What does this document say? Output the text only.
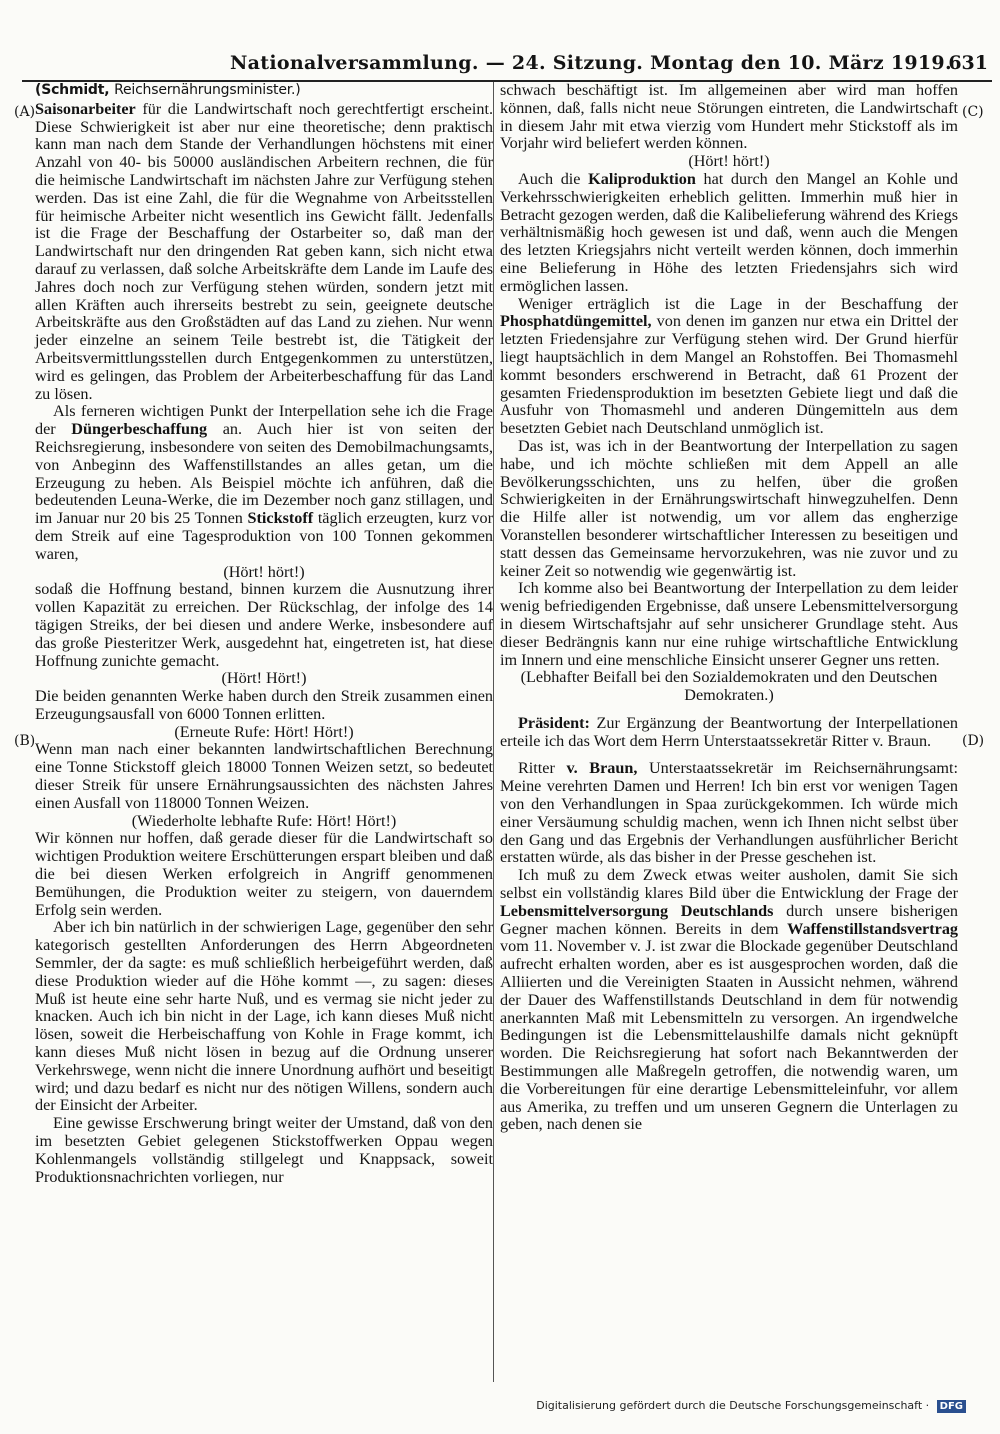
Nationalversammlung. — 24. Sitzung. Montag den 10. März 1919.
631
(A)
(B)
(C)
(D)

(Schmidt, Reichsernährungsminister.)

Saisonarbeiter für die Landwirtschaft noch gerechtfertigt erscheint. Diese Schwierigkeit ist aber nur eine theoretische; denn praktisch kann man nach dem Stande der Verhandlungen höchstens mit einer Anzahl von 40- bis 50000 ausländischen Arbeitern rechnen, die für die heimische Landwirtschaft im nächsten Jahre zur Verfügung stehen werden. Das ist eine Zahl, die für die Wegnahme von Arbeitsstellen für heimische Arbeiter nicht wesentlich ins Gewicht fällt. Jedenfalls ist die Frage der Beschaffung der Ostarbeiter so, daß man der Landwirtschaft nur den dringenden Rat geben kann, sich nicht etwa darauf zu verlassen, daß solche Arbeitskräfte dem Lande im Laufe des Jahres doch noch zur Verfügung stehen würden, sondern jetzt mit allen Kräften auch ihrerseits bestrebt zu sein, geeignete deutsche Arbeitskräfte aus den Großstädten auf das Land zu ziehen. Nur wenn jeder einzelne an seinem Teile bestrebt ist, die Tätigkeit der Arbeitsvermittlungsstellen durch Entgegenkommen zu unterstützen, wird es gelingen, das Problem der Arbeiterbeschaffung für das Land zu lösen.

Als ferneren wichtigen Punkt der Interpellation sehe ich die Frage der Düngerbeschaffung an. Auch hier ist von seiten der Reichsregierung, insbesondere von seiten des Demobilmachungsamts, von Anbeginn des Waffenstillstandes an alles getan, um die Erzeugung zu heben. Als Beispiel möchte ich anführen, daß die bedeutenden Leuna-Werke, die im Dezember noch ganz stillagen, und im Januar nur 20 bis 25 Tonnen Stickstoff täglich erzeugten, kurz vor dem Streik auf eine Tagesproduktion von 100 Tonnen gekommen waren,

(Hört! hört!)

sodaß die Hoffnung bestand, binnen kurzem die Ausnutzung ihrer vollen Kapazität zu erreichen. Der Rückschlag, der infolge des 14 tägigen Streiks, der bei diesen und andere Werke, insbesondere auf das große Piesteritzer Werk, ausgedehnt hat, eingetreten ist, hat diese Hoffnung zunichte gemacht.

(Hört! Hört!)

Die beiden genannten Werke haben durch den Streik zusammen einen Erzeugungsausfall von 6000 Tonnen erlitten.

(Erneute Rufe: Hört! Hört!)

Wenn man nach einer bekannten landwirtschaftlichen Berechnung eine Tonne Stickstoff gleich 18000 Tonnen Weizen setzt, so bedeutet dieser Streik für unsere Ernährungsaussichten des nächsten Jahres einen Ausfall von 118000 Tonnen Weizen.

(Wiederholte lebhafte Rufe: Hört! Hört!)

Wir können nur hoffen, daß gerade dieser für die Landwirtschaft so wichtigen Produktion weitere Erschütterungen erspart bleiben und daß die bei diesen Werken erfolgreich in Angriff genommenen Bemühungen, die Produktion weiter zu steigern, von dauerndem Erfolg sein werden.

Aber ich bin natürlich in der schwierigen Lage, gegenüber den sehr kategorisch gestellten Anforderungen des Herrn Abgeordneten Semmler, der da sagte: es muß schließlich herbeigeführt werden, daß diese Produktion wieder auf die Höhe kommt —, zu sagen: dieses Muß ist heute eine sehr harte Nuß, und es vermag sie nicht jeder zu knacken. Auch ich bin nicht in der Lage, ich kann dieses Muß nicht lösen, soweit die Herbeischaffung von Kohle in Frage kommt, ich kann dieses Muß nicht lösen in bezug auf die Ordnung unserer Verkehrswege, wenn nicht die innere Unordnung aufhört und beseitigt wird; und dazu bedarf es nicht nur des nötigen Willens, sondern auch der Einsicht der Arbeiter.

Eine gewisse Erschwerung bringt weiter der Umstand, daß von den im besetzten Gebiet gelegenen Stickstoffwerken Oppau wegen Kohlenmangels vollständig stillgelegt und Knappsack, soweit Produktionsnachrichten vorliegen, nur

schwach beschäftigt ist. Im allgemeinen aber wird man hoffen können, daß, falls nicht neue Störungen eintreten, die Landwirtschaft in diesem Jahr mit etwa vierzig vom Hundert mehr Stickstoff als im Vorjahr wird beliefert werden können.

(Hört! hört!)

Auch die Kaliproduktion hat durch den Mangel an Kohle und Verkehrsschwierigkeiten erheblich gelitten. Immerhin muß hier in Betracht gezogen werden, daß die Kalibelieferung während des Kriegs verhältnismäßig hoch gewesen ist und daß, wenn auch die Mengen des letzten Kriegsjahrs nicht verteilt werden können, doch immerhin eine Belieferung in Höhe des letzten Friedensjahrs sich wird ermöglichen lassen.

Weniger erträglich ist die Lage in der Beschaffung der Phosphatdüngemittel, von denen im ganzen nur etwa ein Drittel der letzten Friedensjahre zur Verfügung stehen wird. Der Grund hierfür liegt hauptsächlich in dem Mangel an Rohstoffen. Bei Thomasmehl kommt besonders erschwerend in Betracht, daß 61 Prozent der gesamten Friedensproduktion im besetzten Gebiete liegt und daß die Ausfuhr von Thomasmehl und anderen Düngemitteln aus dem besetzten Gebiet nach Deutschland unmöglich ist.

Das ist, was ich in der Beantwortung der Interpellation zu sagen habe, und ich möchte schließen mit dem Appell an alle Bevölkerungsschichten, uns zu helfen, über die großen Schwierigkeiten in der Ernährungswirtschaft hinwegzuhelfen. Denn die Hilfe aller ist notwendig, um vor allem das engherzige Voranstellen besonderer wirtschaftlicher Interessen zu beseitigen und statt dessen das Gemeinsame hervorzukehren, was nie zuvor und zu keiner Zeit so notwendig wie gegenwärtig ist.

Ich komme also bei Beantwortung der Interpellation zu dem leider wenig befriedigenden Ergebnisse, daß unsere Lebensmittelversorgung in diesem Wirtschaftsjahr auf sehr unsicherer Grundlage steht. Aus dieser Bedrängnis kann nur eine ruhige wirtschaftliche Entwicklung im Innern und eine menschliche Einsicht unserer Gegner uns retten.

(Lebhafter Beifall bei den Sozialdemokraten und den Deutschen Demokraten.)

Präsident: Zur Ergänzung der Beantwortung der Interpellationen erteile ich das Wort dem Herrn Unterstaatssekretär Ritter v. Braun.

Ritter v. Braun, Unterstaatssekretär im Reichsernährungsamt: Meine verehrten Damen und Herren! Ich bin erst vor wenigen Tagen von den Verhandlungen in Spaa zurückgekommen. Ich würde mich einer Versäumung schuldig machen, wenn ich Ihnen nicht selbst über den Gang und das Ergebnis der Verhandlungen ausführlicher Bericht erstatten würde, als das bisher in der Presse geschehen ist.

Ich muß zu dem Zweck etwas weiter ausholen, damit Sie sich selbst ein vollständig klares Bild über die Entwicklung der Frage der Lebensmittelversorgung Deutschlands durch unsere bisherigen Gegner machen können. Bereits in dem Waffenstillstandsvertrag vom 11. November v. J. ist zwar die Blockade gegenüber Deutschland aufrecht erhalten worden, aber es ist ausgesprochen worden, daß die Alliierten und die Vereinigten Staaten in Aussicht nehmen, während der Dauer des Waffenstillstands Deutschland in dem für notwendig anerkannten Maß mit Lebensmitteln zu versorgen. An irgendwelche Bedingungen ist die Lebensmittelaushilfe damals nicht geknüpft worden. Die Reichsregierung hat sofort nach Bekanntwerden der Bestimmungen alle Maßregeln getroffen, die notwendig waren, um die Vorbereitungen für eine derartige Lebensmitteleinfuhr, vor allem aus Amerika, zu treffen und um unseren Gegnern die Unterlagen zu geben, nach denen sie

Digitalisierung gefördert durch die Deutsche Forschungsgemeinschaft · DFG
